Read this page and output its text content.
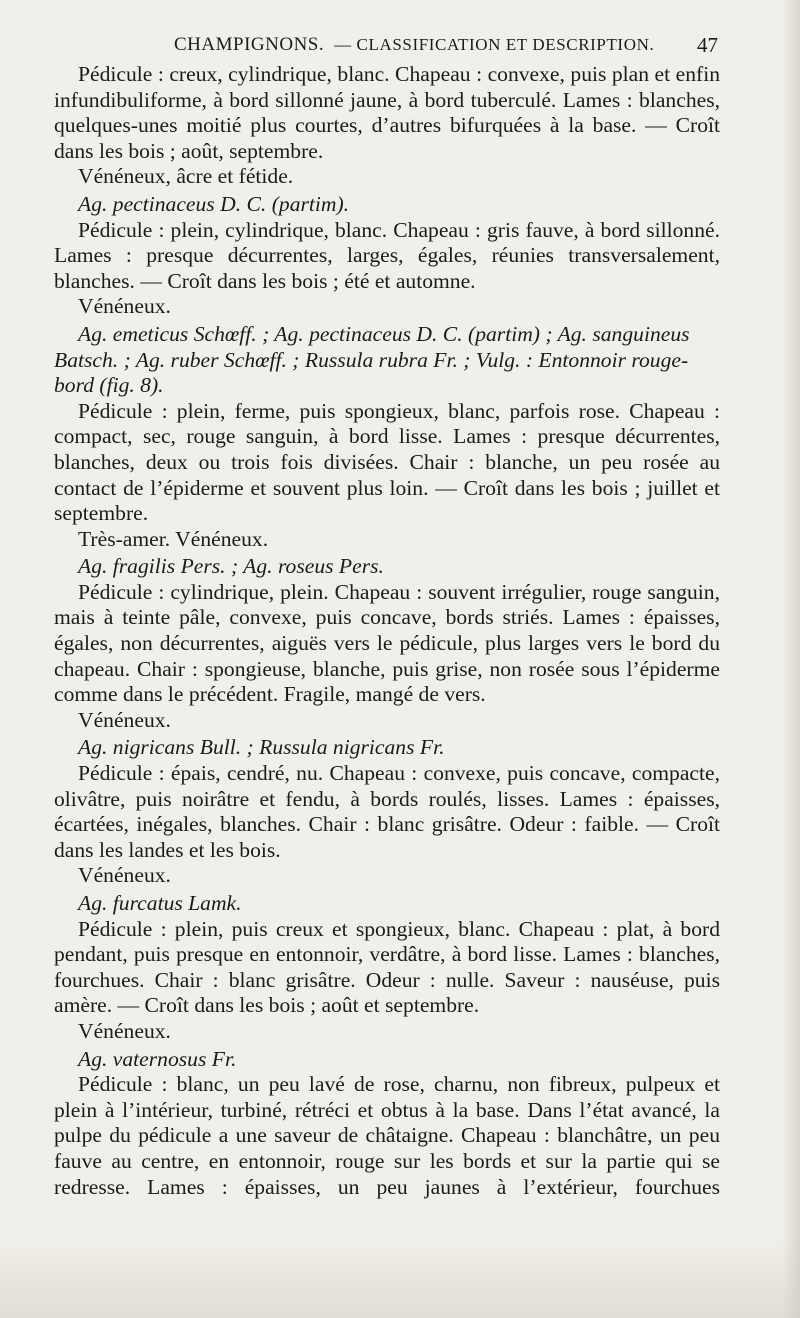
CHAMPIGNONS. — CLASSIFICATION ET DESCRIPTION. 47

Pédicule : creux, cylindrique, blanc. Chapeau : convexe, puis plan et enfin infundibuliforme, à bord sillonné jaune, à bord tuberculé. Lames : blanches, quelques-unes moitié plus courtes, d’autres bifurquées à la base. — Croît dans les bois ; août, septembre.

Vénéneux, âcre et fétide.

Ag. pectinaceus D. C. (partim).

Pédicule : plein, cylindrique, blanc. Chapeau : gris fauve, à bord sillonné. Lames : presque décurrentes, larges, égales, réunies transversalement, blanches. — Croît dans les bois ; été et automne.

Vénéneux.

Ag. emeticus Schœff. ; Ag. pectinaceus D. C. (partim) ; Ag. sanguineus Batsch. ; Ag. ruber Schœff. ; Russula rubra Fr. ; Vulg. : Entonnoir rouge-bord (fig. 8).

Pédicule : plein, ferme, puis spongieux, blanc, parfois rose. Chapeau : compact, sec, rouge sanguin, à bord lisse. Lames : presque décurrentes, blanches, deux ou trois fois divisées. Chair : blanche, un peu rosée au contact de l’épiderme et souvent plus loin. — Croît dans les bois ; juillet et septembre.

Très-amer. Vénéneux.

Ag. fragilis Pers. ; Ag. roseus Pers.

Pédicule : cylindrique, plein. Chapeau : souvent irrégulier, rouge sanguin, mais à teinte pâle, convexe, puis concave, bords striés. Lames : épaisses, égales, non décurrentes, aiguës vers le pédicule, plus larges vers le bord du chapeau. Chair : spongieuse, blanche, puis grise, non rosée sous l’épiderme comme dans le précédent. Fragile, mangé de vers.

Vénéneux.

Ag. nigricans Bull. ; Russula nigricans Fr.

Pédicule : épais, cendré, nu. Chapeau : convexe, puis concave, compacte, olivâtre, puis noirâtre et fendu, à bords roulés, lisses. Lames : épaisses, écartées, inégales, blanches. Chair : blanc grisâtre. Odeur : faible. — Croît dans les landes et les bois.

Vénéneux.

Ag. furcatus Lamk.

Pédicule : plein, puis creux et spongieux, blanc. Chapeau : plat, à bord pendant, puis presque en entonnoir, verdâtre, à bord lisse. Lames : blanches, fourchues. Chair : blanc grisâtre. Odeur : nulle. Saveur : nauséuse, puis amère. — Croît dans les bois ; août et septembre.

Vénéneux.

Ag. vaternosus Fr.

Pédicule : blanc, un peu lavé de rose, charnu, non fibreux, pulpeux et plein à l’intérieur, turbiné, rétréci et obtus à la base. Dans l’état avancé, la pulpe du pédicule a une saveur de châtaigne. Chapeau : blanchâtre, un peu fauve au centre, en entonnoir, rouge sur les bords et sur la partie qui se redresse. Lames : épaisses, un peu jaunes à l’extérieur, fourchues
